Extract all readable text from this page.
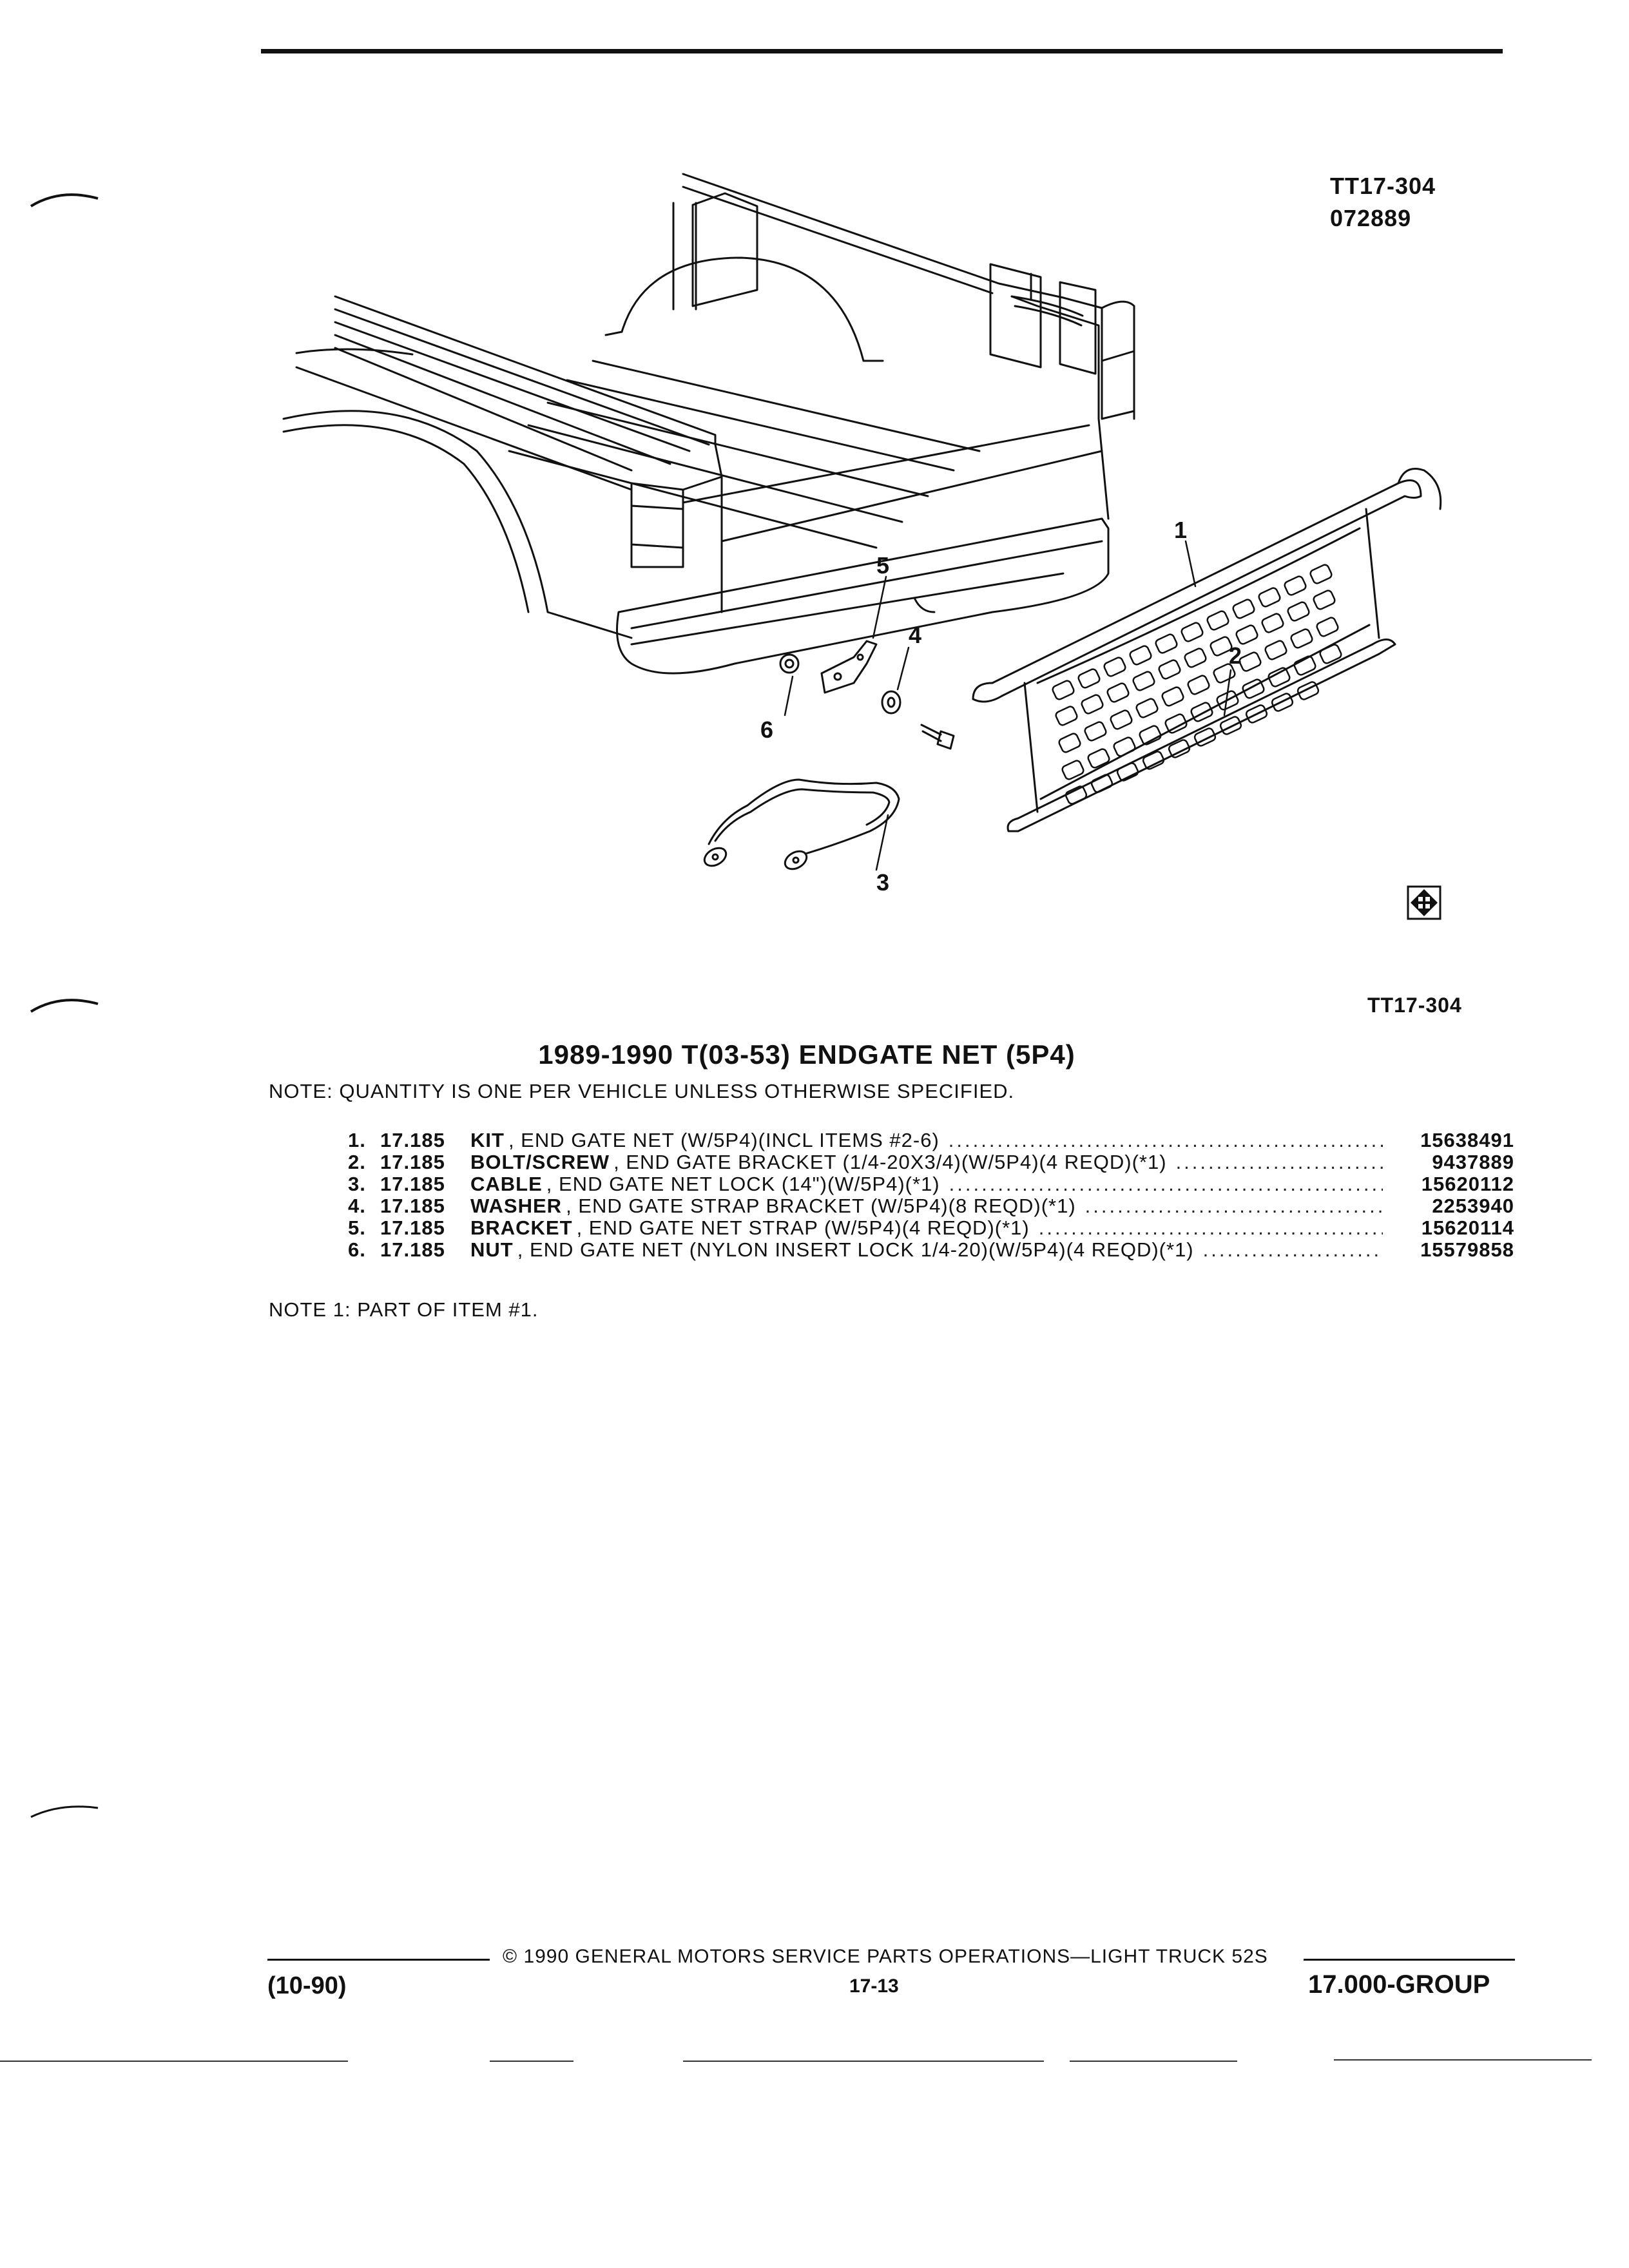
TT17-304
072889
1
2
3
4
5
6
TT17-304
1989-1990 T(03-53) ENDGATE NET (5P4)
NOTE: QUANTITY IS ONE PER VEHICLE UNLESS OTHERWISE SPECIFIED.
1. 17.185	KIT , END GATE NET (W/5P4)(INCL ITEMS #2-6) .....	15638491
2. 17.185	BOLT/SCREW , END GATE BRACKET (1/4-20X3/4)(W/5P4)(4 REQD)(*1) .....	9437889
3. 17.185	CABLE , END GATE NET LOCK (14")(W/5P4)(*1) .....	15620112
4. 17.185	WASHER , END GATE STRAP BRACKET (W/5P4)(8 REQD)(*1) .....	2253940
5. 17.185	BRACKET , END GATE NET STRAP (W/5P4)(4 REQD)(*1) .....	15620114
6. 17.185	NUT , END GATE NET (NYLON INSERT LOCK 1/4-20)(W/5P4)(4 REQD)(*1) .....	15579858
NOTE 1: PART OF ITEM #1.
© 1990 GENERAL MOTORS SERVICE PARTS OPERATIONS—LIGHT TRUCK 52S
(10-90)	17-13	17.000-GROUP
